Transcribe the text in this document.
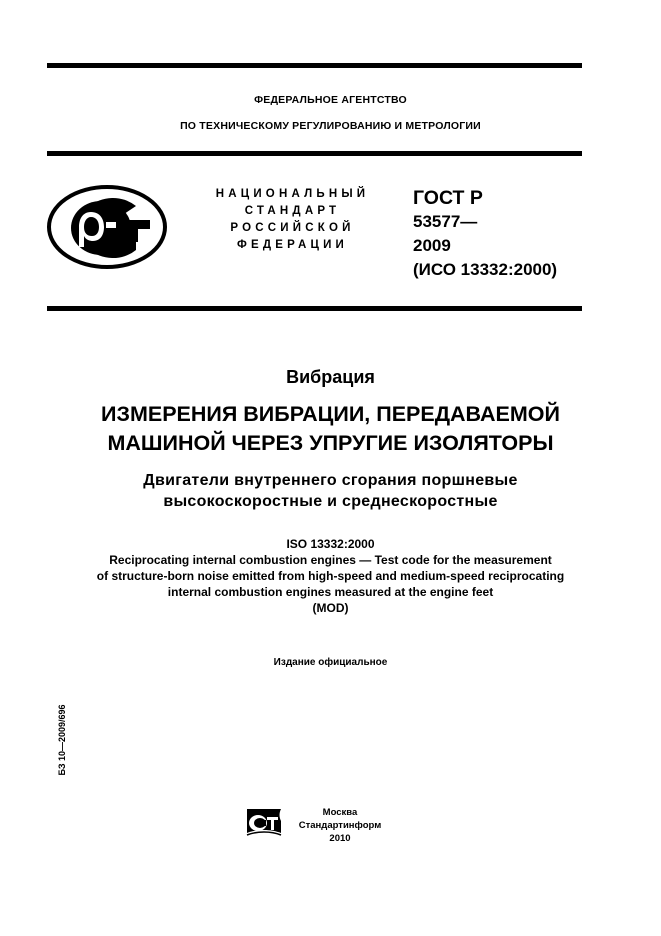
ФЕДЕРАЛЬНОЕ АГЕНТСТВО
ПО ТЕХНИЧЕСКОМУ РЕГУЛИРОВАНИЮ И МЕТРОЛОГИИ
НАЦИОНАЛЬНЫЙ
СТАНДАРТ
РОССИЙСКОЙ
ФЕДЕРАЦИИ
ГОСТ Р
53577—
2009
(ИСО 13332:2000)
Вибрация
ИЗМЕРЕНИЯ ВИБРАЦИИ, ПЕРЕДАВАЕМОЙ
МАШИНОЙ ЧЕРЕЗ УПРУГИЕ ИЗОЛЯТОРЫ
Двигатели внутреннего сгорания поршневые
высокоскоростные и среднескоростные
ISO 13332:2000
Reciprocating internal combustion engines — Test code for the measurement
of structure-born noise emitted from high-speed and medium-speed reciprocating
internal combustion engines measured at the engine feet
(MOD)
Издание официальное
БЗ 10—2009/696
Москва
Стандартинформ
2010
